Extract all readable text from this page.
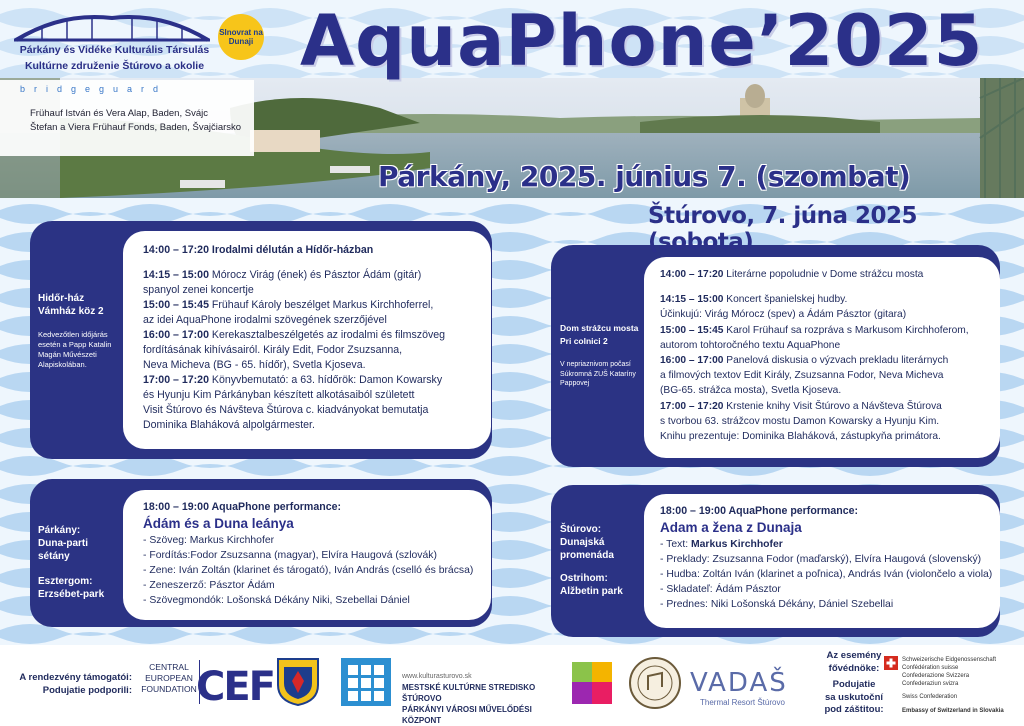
Párkány és Vidéke Kulturális Társulás
Kultúrne združenie Štúrovo a okolie
Slnovrat na Dunaji AquaPhone’2025
bridgeguard
Frühauf István és Vera Alap, Baden, Svájc
Štefan a Viera Frühauf Fonds, Baden, Švajčiarsko
Párkány, 2025. június 7. (szombat)
Štúrovo, 7. júna 2025 (sobota)
Hidőr-ház
Vámház köz 2
Kedvezőtlen időjárás esetén a Papp Katalin Magán Művészeti Alapiskolában.
14:00 – 17:20 Irodalmi délután a Hídőr-házban
14:15 – 15:00 Mórocz Virág (ének) és Pásztor Ádám (gitár)
spanyol zenei koncertje
15:00 – 15:45 Frühauf Károly beszélget Markus Kirchhoferrel,
az idei AquaPhone irodalmi szövegének szerzőjével
16:00 – 17:00 Kerekasztalbeszélgetés az irodalmi és filmszöveg
fordításának kihívásairól. Király Edit, Fodor Zsuzsanna,
Neva Micheva (BG - 65. hídőr), Svetla Kjoseva.
17:00 – 17:20 Könyvbemutató: a 63. hídőrök: Damon Kowarsky
és Hyunju Kim Párkányban készített alkotásaiból született
Visit Štúrovo és Návšteva Štúrova c. kiadványokat bemutatja
Dominika Blaháková alpolgármester.
Dom strážcu mosta
Pri colnici 2
V nepriaznivom počasí Súkromná ZUŠ Kataríny Pappovej
14:00 – 17:20 Literárne popoludnie v Dome strážcu mosta
14:15 – 15:00 Koncert španielskej hudby.
Účinkujú: Virág Mórocz (spev) a Ádám Pásztor (gitara)
15:00 – 15:45 Karol Frühauf sa rozpráva s Markusom Kirchhoferom,
autorom tohtoročného textu AquaPhone
16:00 – 17:00 Panelová diskusia o výzvach prekladu literárnych
a filmových textov Edit Király, Zsuzsanna Fodor, Neva Micheva
(BG-65. strážca mosta), Svetla Kjoseva.
17:00 – 17:20 Krstenie knihy Visit Štúrovo a Návšteva Štúrova
s tvorbou 63. strážcov mostu Damon Kowarsky a Hyunju Kim.
Knihu prezentuje: Dominika Blaháková, zástupkyňa primátora.
Párkány:
Duna-parti sétány
Esztergom:
Erzsébet-park
18:00 – 19:00 AquaPhone performance:
Ádám és a Duna leánya
- Szöveg: Markus Kirchhofer
- Fordítás:Fodor Zsuzsanna (magyar), Elvíra Haugová (szlovák)
- Zene: Iván Zoltán (klarinet és tárogató), Iván András (cselló és brácsa)
- Zeneszerző: Pásztor Ádám
- Szövegmondók: Lošonská Dékány Niki, Szebellai Dániel
Štúrovo:
Dunajská
promenáda
Ostrihom:
Alžbetin park
18:00 – 19:00 AquaPhone performance:
Adam a žena z Dunaja
- Text: Markus Kirchhofer
- Preklady: Zsuzsanna Fodor (maďarský), Elvíra Haugová (slovenský)
- Hudba: Zoltán Iván (klarinet a poľnica), András Iván (violončelo a viola)
- Skladateľ: Ádám Pásztor
- Prednes: Niki Lošonská Dékány, Dániel Szebellai
A rendezvény támogatói:
Podujatie podporili:
CENTRAL
EUROPEAN
FOUNDATION CEF	www.kulturasturovo.sk
MESTSKÉ KULTÚRNE STREDISKO ŠTÚROVO
PÁRKÁNYI VÁROSI MŰVELŐDÉSI KÖZPONT
VADAŠ
Thermal Resort Štúrovo
Az esemény
fővédnöke:
Podujatie
sa uskutoční
pod záštitou:
Schweizerische Eidgenossenschaft
Confédération suisse
Confederazione Svizzera
Confederaziun svizra
Swiss Confederation
Embassy of Switzerland in Slovakia
